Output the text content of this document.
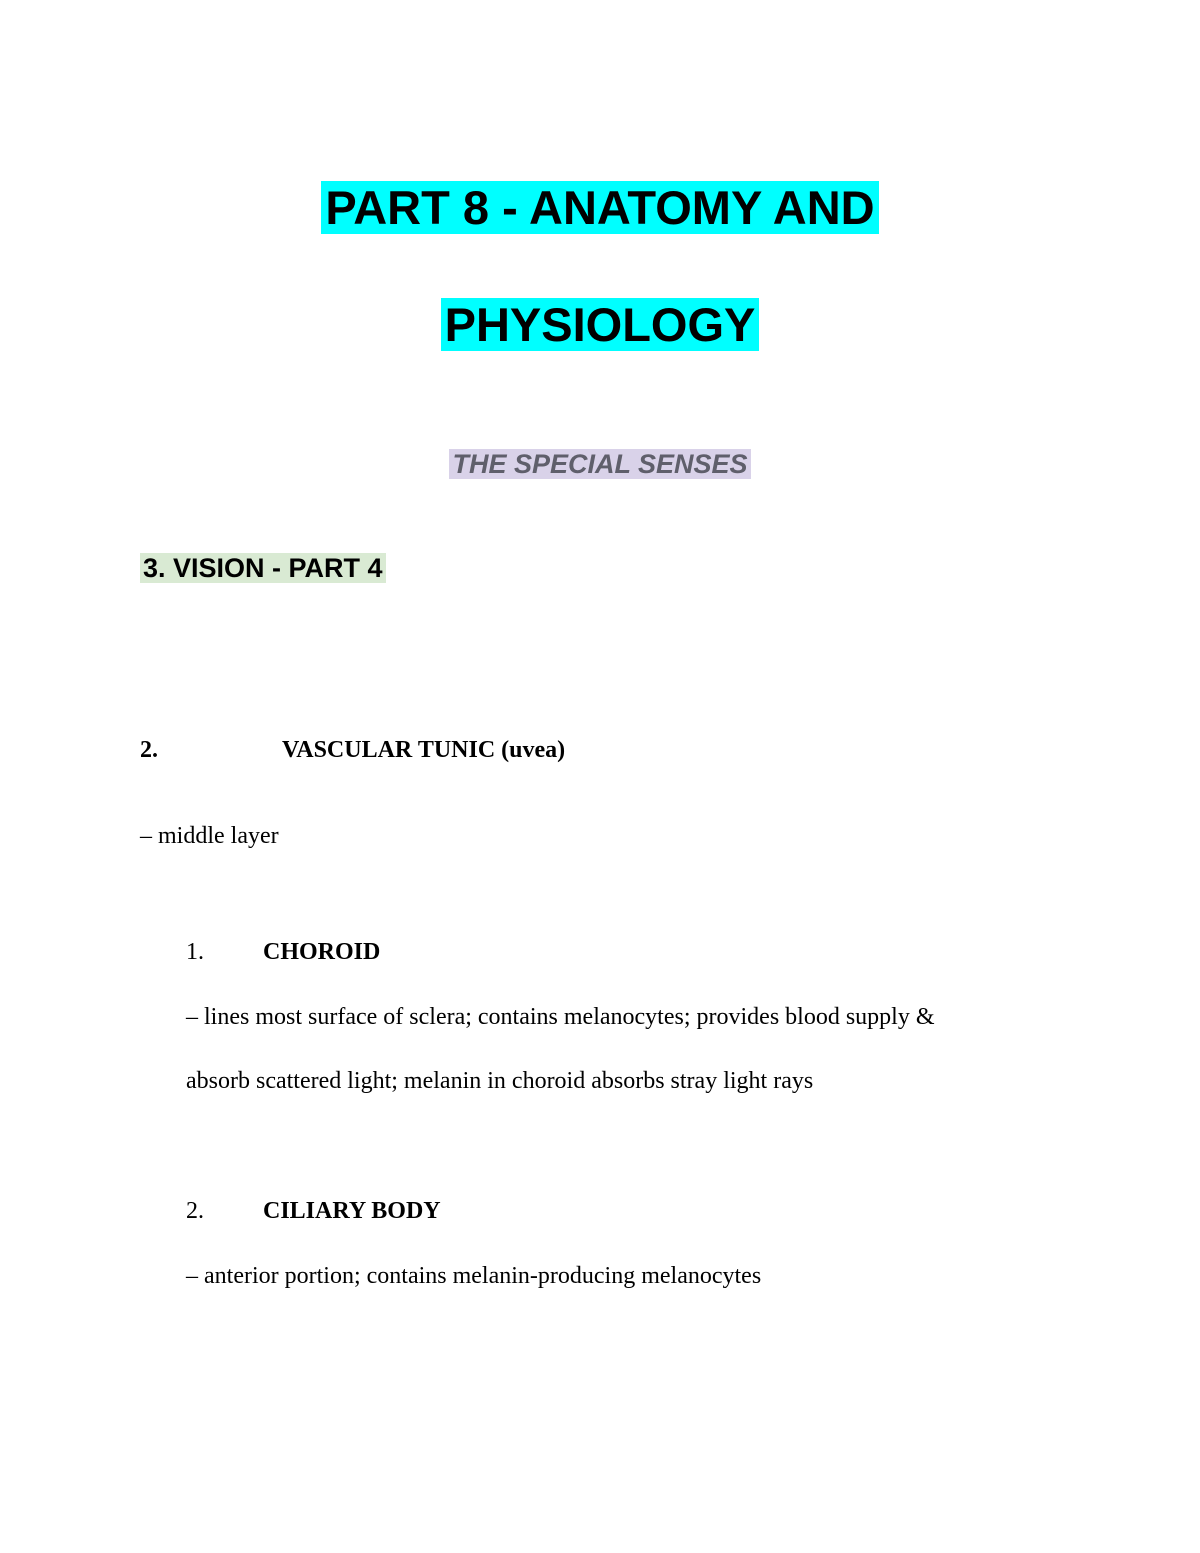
PART 8 - ANATOMY AND
PHYSIOLOGY
THE SPECIAL SENSES
3. VISION - PART 4
2.	VASCULAR TUNIC (uvea)
– middle layer
1. CHOROID
– lines most surface of sclera; contains melanocytes; provides blood supply &
absorb scattered light; melanin in choroid absorbs stray light rays
2. CILIARY BODY
– anterior portion; contains melanin-producing melanocytes
